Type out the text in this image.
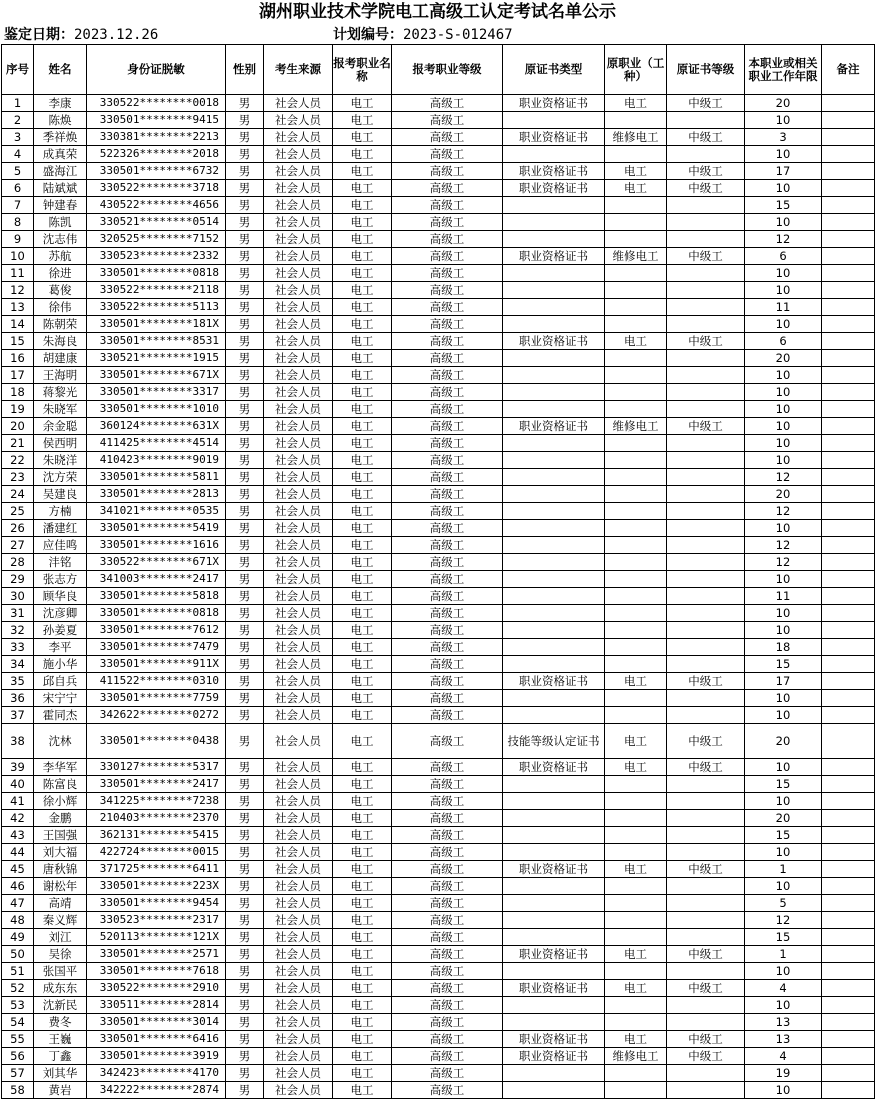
湖州职业技术学院电工高级工认定考试名单公示
鉴定日期：2023.12.26	计划编号：2023-S-012467
序号	姓名	身份证脱敏	性别	考生来源	报考职业名称	报考职业等级	原证书类型	原职业（工种）	原证书等级	本职业或相关职业工作年限	备注
1	李康	330522********0018	男	社会人员	电工	高级工	职业资格证书	电工	中级工	20	
2	陈焕	330501********9415	男	社会人员	电工	高级工				10	
3	季祥焕	330381********2213	男	社会人员	电工	高级工	职业资格证书	维修电工	中级工	3	
4	成真荣	522326********2018	男	社会人员	电工	高级工				10	
5	盛海江	330501********6732	男	社会人员	电工	高级工	职业资格证书	电工	中级工	17	
6	陆斌斌	330522********3718	男	社会人员	电工	高级工	职业资格证书	电工	中级工	10	
7	钟建春	430522********4656	男	社会人员	电工	高级工				15	
8	陈凯	330521********0514	男	社会人员	电工	高级工				10	
9	沈志伟	320525********7152	男	社会人员	电工	高级工				12	
10	苏航	330523********2332	男	社会人员	电工	高级工	职业资格证书	维修电工	中级工	6	
11	徐进	330501********0818	男	社会人员	电工	高级工				10	
12	葛俊	330522********2118	男	社会人员	电工	高级工				10	
13	徐伟	330522********5113	男	社会人员	电工	高级工				11	
14	陈朝荣	330501********181X	男	社会人员	电工	高级工				10	
15	朱海良	330501********8531	男	社会人员	电工	高级工	职业资格证书	电工	中级工	6	
16	胡建康	330521********1915	男	社会人员	电工	高级工				20	
17	王海明	330501********671X	男	社会人员	电工	高级工				10	
18	蒋黎光	330501********3317	男	社会人员	电工	高级工				10	
19	朱晓军	330501********1010	男	社会人员	电工	高级工				10	
20	余金聪	360124********631X	男	社会人员	电工	高级工	职业资格证书	维修电工	中级工	10	
21	侯西明	411425********4514	男	社会人员	电工	高级工				10	
22	朱晓洋	410423********9019	男	社会人员	电工	高级工				10	
23	沈方荣	330501********5811	男	社会人员	电工	高级工				12	
24	吴建良	330501********2813	男	社会人员	电工	高级工				20	
25	方楠	341021********0535	男	社会人员	电工	高级工				12	
26	潘建红	330501********5419	男	社会人员	电工	高级工				10	
27	应佳鸣	330501********1616	男	社会人员	电工	高级工				12	
28	沣铭	330522********671X	男	社会人员	电工	高级工				12	
29	张志方	341003********2417	男	社会人员	电工	高级工				10	
30	顾华良	330501********5818	男	社会人员	电工	高级工				11	
31	沈彦卿	330501********0818	男	社会人员	电工	高级工				10	
32	孙姜夏	330501********7612	男	社会人员	电工	高级工				10	
33	李平	330501********7479	男	社会人员	电工	高级工				18	
34	施小华	330501********911X	男	社会人员	电工	高级工				15	
35	邱自兵	411522********0310	男	社会人员	电工	高级工	职业资格证书	电工	中级工	17	
36	宋宁宁	330501********7759	男	社会人员	电工	高级工				10	
37	霍同杰	342622********0272	男	社会人员	电工	高级工				10	
38	沈林	330501********0438	男	社会人员	电工	高级工	技能等级认定证书	电工	中级工	20	
39	李华军	330127********5317	男	社会人员	电工	高级工	职业资格证书	电工	中级工	10	
40	陈富良	330501********2417	男	社会人员	电工	高级工				15	
41	徐小辉	341225********7238	男	社会人员	电工	高级工				10	
42	金鹏	210403********2370	男	社会人员	电工	高级工				20	
43	王国强	362131********5415	男	社会人员	电工	高级工				15	
44	刘大福	422724********0015	男	社会人员	电工	高级工				10	
45	唐秋锦	371725********6411	男	社会人员	电工	高级工	职业资格证书	电工	中级工	1	
46	谢松年	330501********223X	男	社会人员	电工	高级工				10	
47	高靖	330501********9454	男	社会人员	电工	高级工				5	
48	秦义辉	330523********2317	男	社会人员	电工	高级工				12	
49	刘江	520113********121X	男	社会人员	电工	高级工				15	
50	吴徐	330501********2571	男	社会人员	电工	高级工	职业资格证书	电工	中级工	1	
51	张国平	330501********7618	男	社会人员	电工	高级工				10	
52	成东东	330522********2910	男	社会人员	电工	高级工	职业资格证书	电工	中级工	4	
53	沈新民	330511********2814	男	社会人员	电工	高级工				10	
54	费冬	330501********3014	男	社会人员	电工	高级工				13	
55	王巍	330501********6416	男	社会人员	电工	高级工	职业资格证书	电工	中级工	13	
56	丁鑫	330501********3919	男	社会人员	电工	高级工	职业资格证书	维修电工	中级工	4	
57	刘其华	342423********4170	男	社会人员	电工	高级工				19	
58	黄岩	342222********2874	男	社会人员	电工	高级工				10	
